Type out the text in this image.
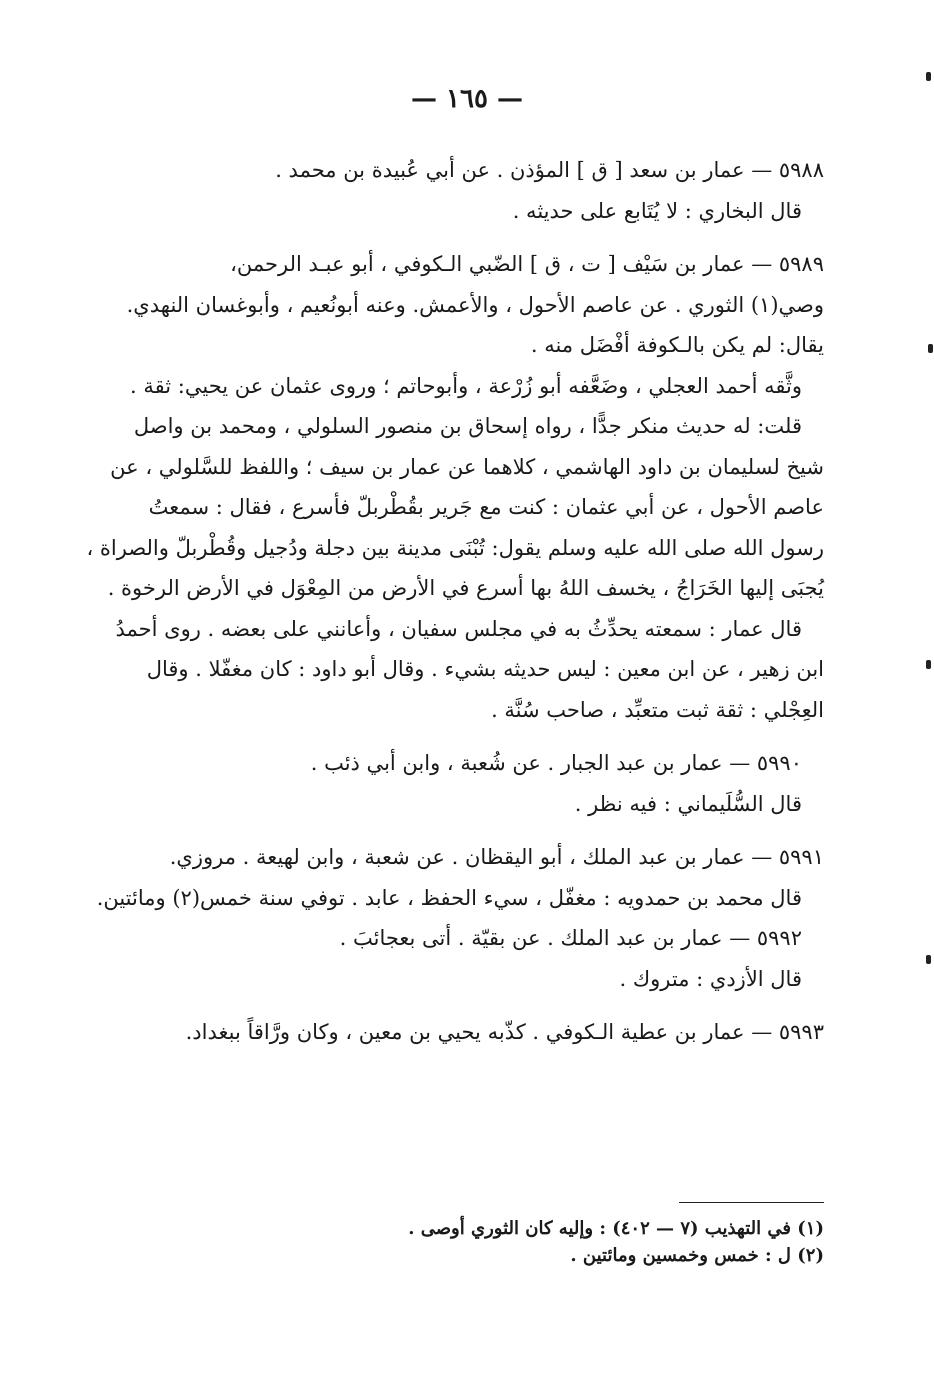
— ١٦٥ —
٥٩٨٨ — عمار بن سعد [ ق ] المؤذن . عن أبي عُبيدة بن محمد .
قال البخاري : لا يُتَابع على حديثه .
٥٩٨٩ — عمار بن سَيْف [ ت ، ق ] الضّبي الـكوفي ، أبو عبـد الرحمن،
وصي(١) الثوري . عن عاصم الأحول ، والأعمش. وعنه أبونُعيم ، وأبوغسان النهدي.
يقال: لم يكن بالـكوفة أفْضَل منه .
وثَّقه أحمد العجلي ، وضَعَّفه أبو زُرْعة ، وأبوحاتم ؛ وروى عثمان عن يحيي: ثقة .
قلت: له حديث منكر جدًّا ، رواه إسحاق بن منصور السلولي ، ومحمد بن واصل
شيخ لسليمان بن داود الهاشمي ، كلاهما عن عمار بن سيف ؛ واللفظ للسَّلولي ، عن
عاصم الأحول ، عن أبي عثمان : كنت مع جَرير بقُطْربلّ فأسرع ، فقال : سمعتُ
رسول الله صلى الله عليه وسلم يقول: تُبْنَى مدينة بين دجلة ودُجيل وقُطْربلّ والصراة ،
يُجبَى إليها الخَرَاجُ ، يخسف اللهُ بها أسرع في الأرض من المِعْوَل في الأرض الرخوة .
قال عمار : سمعته يحدِّثُ به في مجلس سفيان ، وأعانني على بعضه . روى أحمدُ
ابن زهير ، عن ابن معين : ليس حديثه بشيء . وقال أبو داود : كان مغفّلا . وقال
العِجْلي : ثقة ثبت متعبِّد ، صاحب سُنَّة .
٥٩٩٠ — عمار بن عبد الجبار . عن شُعبة ، وابن أبي ذئب .
قال السُّلَيماني : فيه نظر .
٥٩٩١ — عمار بن عبد الملك ، أبو اليقظان . عن شعبة ، وابن لهيعة . مروزي.
قال محمد بن حمدويه : مغفّل ، سيء الحفظ ، عابد . توفي سنة خمس(٢) ومائتين.
٥٩٩٢ — عمار بن عبد الملك . عن بقيّة . أتى بعجائبَ .
قال الأزدي : متروك .
٥٩٩٣ — عمار بن عطية الـكوفي . كذّبه يحيي بن معين ، وكان ورَّاقاً ببغداد.
(١) في التهذيب (٧ — ٤٠٢) : وإليه كان الثوري أوصى .
(٢) ل : خمس وخمسين ومائتين .
